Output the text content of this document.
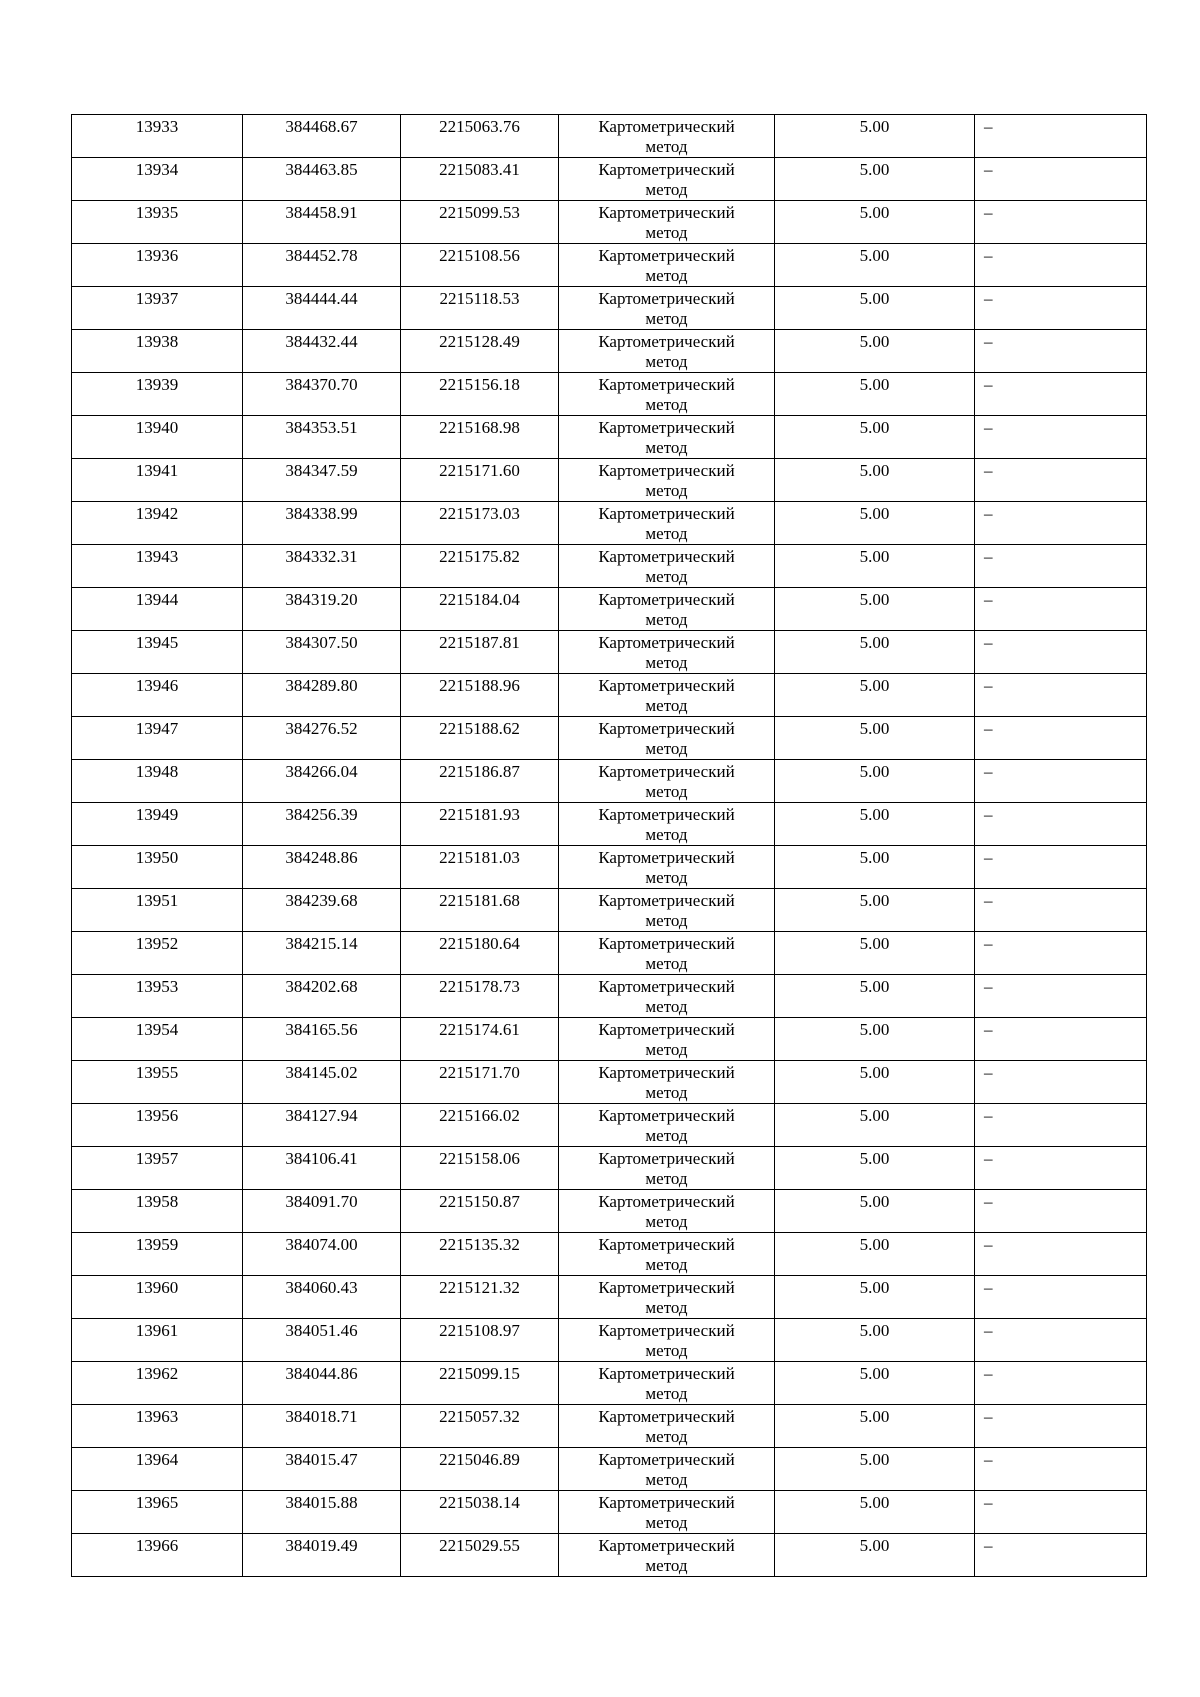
13933	384468.67	2215063.76	Картометрический
метод	5.00	–
13934	384463.85	2215083.41	Картометрический
метод	5.00	–
13935	384458.91	2215099.53	Картометрический
метод	5.00	–
13936	384452.78	2215108.56	Картометрический
метод	5.00	–
13937	384444.44	2215118.53	Картометрический
метод	5.00	–
13938	384432.44	2215128.49	Картометрический
метод	5.00	–
13939	384370.70	2215156.18	Картометрический
метод	5.00	–
13940	384353.51	2215168.98	Картометрический
метод	5.00	–
13941	384347.59	2215171.60	Картометрический
метод	5.00	–
13942	384338.99	2215173.03	Картометрический
метод	5.00	–
13943	384332.31	2215175.82	Картометрический
метод	5.00	–
13944	384319.20	2215184.04	Картометрический
метод	5.00	–
13945	384307.50	2215187.81	Картометрический
метод	5.00	–
13946	384289.80	2215188.96	Картометрический
метод	5.00	–
13947	384276.52	2215188.62	Картометрический
метод	5.00	–
13948	384266.04	2215186.87	Картометрический
метод	5.00	–
13949	384256.39	2215181.93	Картометрический
метод	5.00	–
13950	384248.86	2215181.03	Картометрический
метод	5.00	–
13951	384239.68	2215181.68	Картометрический
метод	5.00	–
13952	384215.14	2215180.64	Картометрический
метод	5.00	–
13953	384202.68	2215178.73	Картометрический
метод	5.00	–
13954	384165.56	2215174.61	Картометрический
метод	5.00	–
13955	384145.02	2215171.70	Картометрический
метод	5.00	–
13956	384127.94	2215166.02	Картометрический
метод	5.00	–
13957	384106.41	2215158.06	Картометрический
метод	5.00	–
13958	384091.70	2215150.87	Картометрический
метод	5.00	–
13959	384074.00	2215135.32	Картометрический
метод	5.00	–
13960	384060.43	2215121.32	Картометрический
метод	5.00	–
13961	384051.46	2215108.97	Картометрический
метод	5.00	–
13962	384044.86	2215099.15	Картометрический
метод	5.00	–
13963	384018.71	2215057.32	Картометрический
метод	5.00	–
13964	384015.47	2215046.89	Картометрический
метод	5.00	–
13965	384015.88	2215038.14	Картометрический
метод	5.00	–
13966	384019.49	2215029.55	Картометрический
метод	5.00	–
